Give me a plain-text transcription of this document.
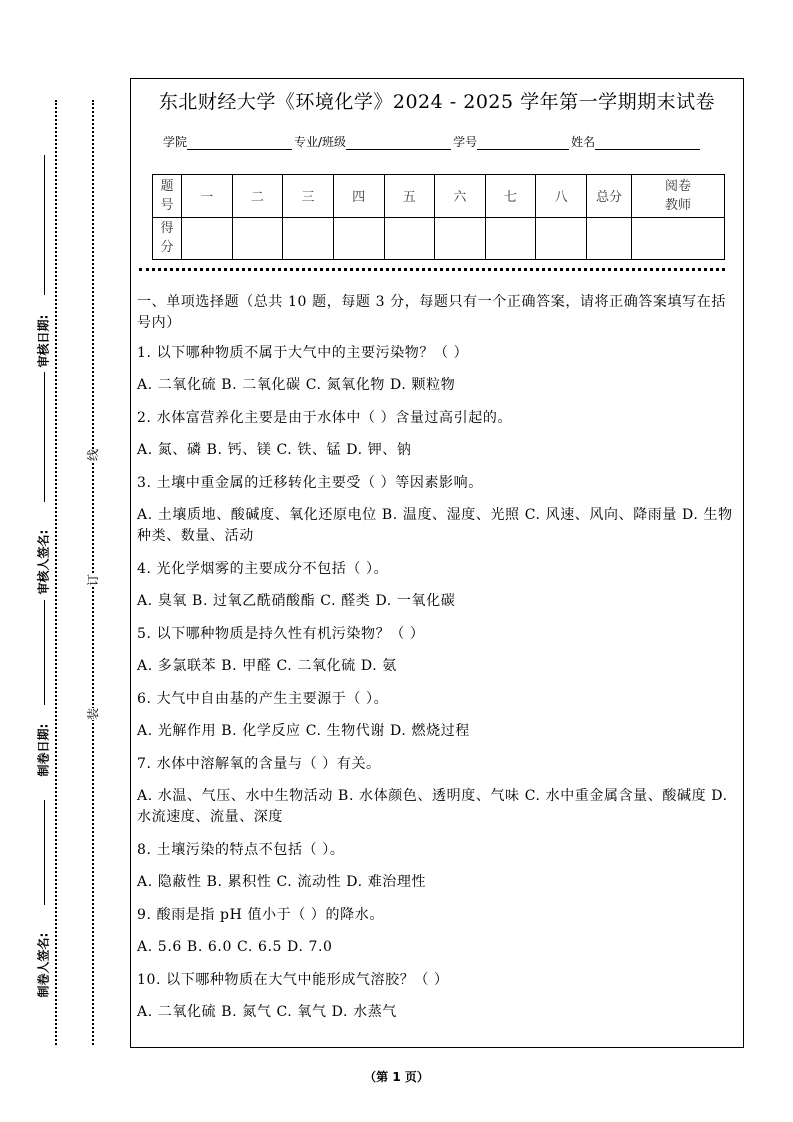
审核日期:
审核人签名:
制卷日期:
制卷人签名:
线
订
装
东北财经大学《环境化学》2024 - 2025 学年第一学期期末试卷
学院	专业/班级	学号	姓名
题
号	一	二	三	四	五	六	七	八	总分	阅卷
教师
得
分										

一、单项选择题（总共 10 题，每题 3 分，每题只有一个正确答案，请将正确答案填写在括号内）

1. 以下哪种物质不属于大气中的主要污染物？（ ）

A. 二氧化硫 B. 二氧化碳 C. 氮氧化物 D. 颗粒物

2. 水体富营养化主要是由于水体中（ ）含量过高引起的。

A. 氮、磷 B. 钙、镁 C. 铁、锰 D. 钾、钠

3. 土壤中重金属的迁移转化主要受（ ）等因素影响。

A. 土壤质地、酸碱度、氧化还原电位 B. 温度、湿度、光照 C. 风速、风向、降雨量 D. 生物种类、数量、活动

4. 光化学烟雾的主要成分不包括（ ）。

A. 臭氧 B. 过氧乙酰硝酸酯 C. 醛类 D. 一氧化碳

5. 以下哪种物质是持久性有机污染物？（ ）

A. 多氯联苯 B. 甲醛 C. 二氧化硫 D. 氨

6. 大气中自由基的产生主要源于（ ）。

A. 光解作用 B. 化学反应 C. 生物代谢 D. 燃烧过程

7. 水体中溶解氧的含量与（ ）有关。

A. 水温、气压、水中生物活动 B. 水体颜色、透明度、气味 C. 水中重金属含量、酸碱度 D. 水流速度、流量、深度

8. 土壤污染的特点不包括（ ）。

A. 隐蔽性 B. 累积性 C. 流动性 D. 难治理性

9. 酸雨是指 pH 值小于（ ）的降水。

A. 5.6 B. 6.0 C. 6.5 D. 7.0

10. 以下哪种物质在大气中能形成气溶胶？（ ）

A. 二氧化硫 B. 氮气 C. 氧气 D. 水蒸气

（第 1 页）
